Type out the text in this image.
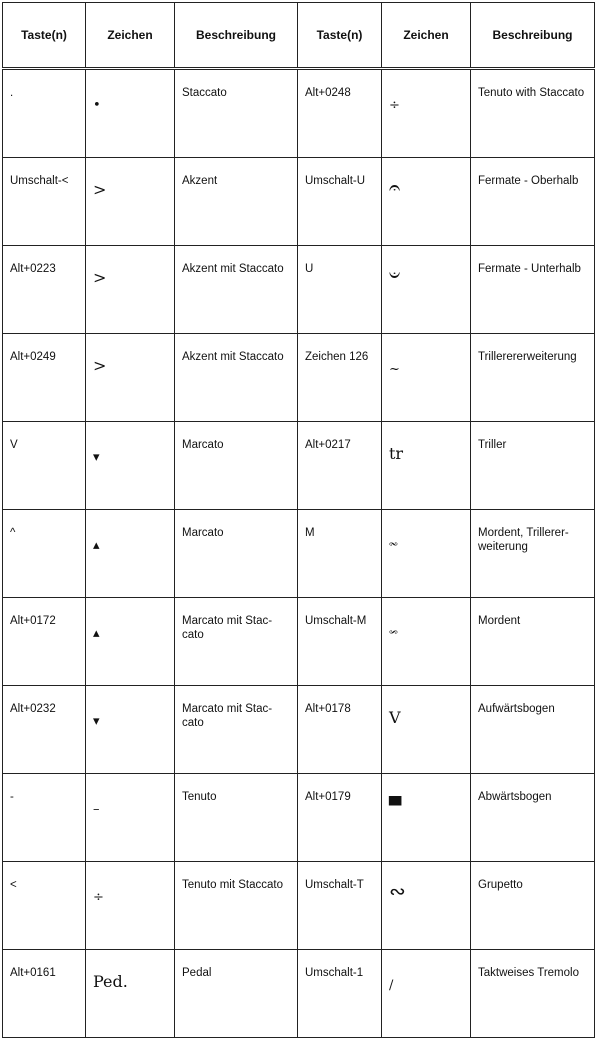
Taste(n)	Zeichen	Beschreibung	Taste(n)	Zeichen	Beschreibung
.	•	Staccato	Alt+0248	÷	Tenuto with Staccato
Umschalt-<	>	Akzent	Umschalt-U	𝄐	Fermate - Oberhalb
Alt+0223	>	Akzent mit Staccato	U	𝄑	Fermate - Unterhalb
Alt+0249	>	Akzent mit Staccato	Zeichen 126	~	Trillerererweiterung
V	▾	Marcato	Alt+0217	tr	Triller
^	▴	Marcato	M	𝆗	Mordent, Trillerer-weiterung
Alt+0172	▴	Marcato mit Stac-cato	Umschalt-M	𝆘	Mordent
Alt+0232	▾	Marcato mit Stac-cato	Alt+0178	V	Aufwärtsbogen
-	–	Tenuto	Alt+0179	▀	Abwärtsbogen
<	÷	Tenuto mit Staccato	Umschalt-T	∾	Grupetto
Alt+0161	Ped.	Pedal	Umschalt-1	/	Taktweises Tremolo
